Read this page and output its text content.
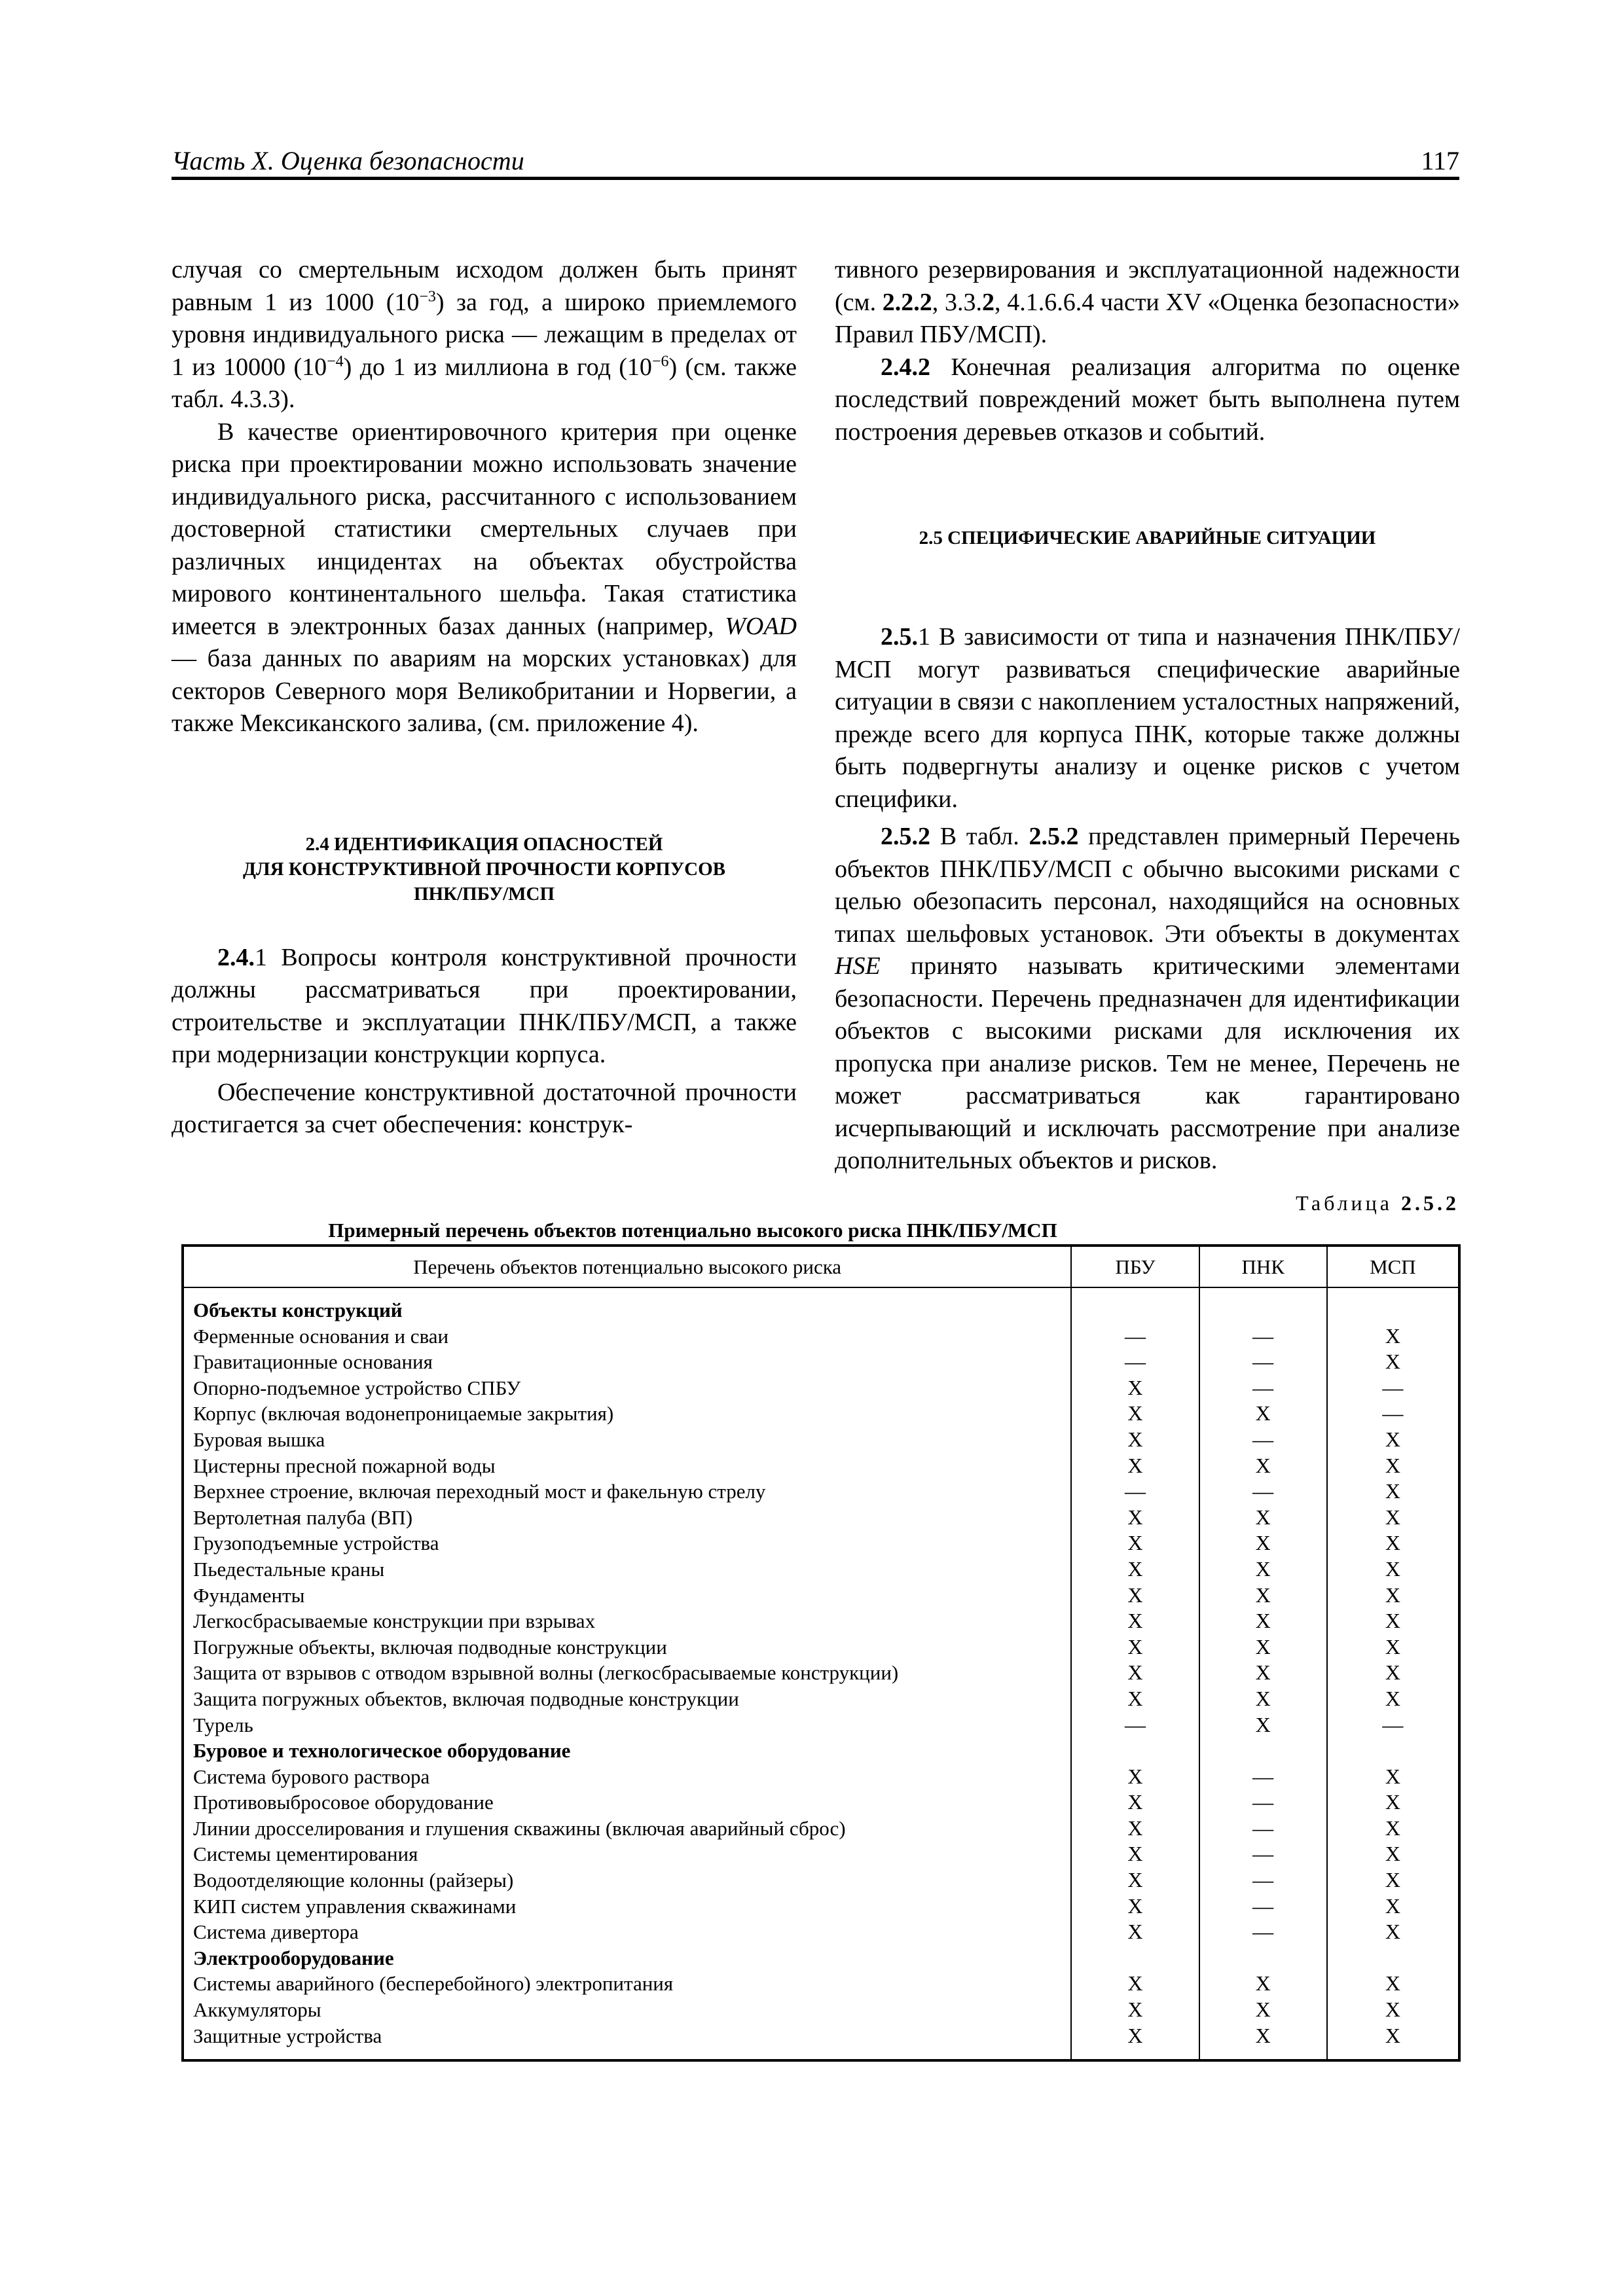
Часть X. Оценка безопасности	117

случая со смертельным исходом должен быть принят равным 1 из 1000 $(10^{-3})$ за год, а широко приемлемого уровня индивидуального риска — лежащим в пределах от 1 из 10000 $(10^{-4})$ до 1 из миллиона в год $(10^{-6})$ (см. также табл. 4.3.3).

В качестве ориентировочного критерия при оценке риска при проектировании можно использовать значение индивидуального риска, рассчитанного с использованием достоверной статистики смертельных случаев при различных инцидентах на объектах обустройства мирового континентального шельфа. Такая статистика имеется в электронных базах данных (например, WOAD — база данных по авариям на морских установках) для секторов Северного моря Великобритании и Норвегии, а также Мексиканского залива, (см. приложение 4).

2.4 ИДЕНТИФИКАЦИЯ ОПАСНОСТЕЙ
ДЛЯ КОНСТРУКТИВНОЙ ПРОЧНОСТИ КОРПУСОВ
ПНК/ПБУ/МСП

2.4.1 Вопросы контроля конструктивной прочности должны рассматриваться при проектировании, строительстве и эксплуатации ПНК/ПБУ/МСП, а также при модернизации конструкции корпуса.

Обеспечение конструктивной достаточной прочности достигается за счет обеспечения: конструк-

тивного резервирования и эксплуатационной надежности (см. 2.2.2, 3.3.2, 4.1.6.6.4 части XV «Оценка безопасности» Правил ПБУ/МСП).

2.4.2 Конечная реализация алгоритма по оценке последствий повреждений может быть выполнена путем построения деревьев отказов и событий.

2.5 СПЕЦИФИЧЕСКИЕ АВАРИЙНЫЕ СИТУАЦИИ

2.5.1 В зависимости от типа и назначения ПНК/ПБУ/МСП могут развиваться специфические аварийные ситуации в связи с накоплением усталостных напряжений, прежде всего для корпуса ПНК, которые также должны быть подвергнуты анализу и оценке рисков с учетом специфики.

2.5.2 В табл. 2.5.2 представлен примерный Перечень объектов ПНК/ПБУ/МСП с обычно высокими рисками с целью обезопасить персонал, находящийся на основных типах шельфовых установок. Эти объекты в документах HSE принято называть критическими элементами безопасности. Перечень предназначен для идентификации объектов с высокими рисками для исключения их пропуска при анализе рисков. Тем не менее, Перечень не может рассматриваться как гарантировано исчерпывающий и исключать рассмотрение при анализе дополнительных объектов и рисков.

Таблица 2.5.2
Примерный перечень объектов потенциально высокого риска ПНК/ПБУ/МСП
Перечень объектов потенциально высокого риска	ПБУ	ПНК	МСП
Объекты конструкций			
Ферменные основания и сваи	—	—	X
Гравитационные основания	—	—	X
Опорно-подъемное устройство СПБУ	X	—	—
Корпус (включая водонепроницаемые закрытия)	X	X	—
Буровая вышка	X	—	X
Цистерны пресной пожарной воды	X	X	X
Верхнее строение, включая переходный мост и факельную стрелу	—	—	X
Вертолетная палуба (ВП)	X	X	X
Грузоподъемные устройства	X	X	X
Пьедестальные краны	X	X	X
Фундаменты	X	X	X
Легкосбрасываемые конструкции при взрывах	X	X	X
Погружные объекты, включая подводные конструкции	X	X	X
Защита от взрывов с отводом взрывной волны (легкосбрасываемые конструкции)	X	X	X
Защита погружных объектов, включая подводные конструкции	X	X	X
Турель	—	X	—
Буровое и технологическое оборудование			
Система бурового раствора	X	—	X
Противовыбросовое оборудование	X	—	X
Линии дросселирования и глушения скважины (включая аварийный сброс)	X	—	X
Системы цементирования	X	—	X
Водоотделяющие колонны (райзеры)	X	—	X
КИП систем управления скважинами	X	—	X
Система дивертора	X	—	X
Электрооборудование			
Системы аварийного (бесперебойного) электропитания	X	X	X
Аккумуляторы	X	X	X
Защитные устройства	X	X	X
